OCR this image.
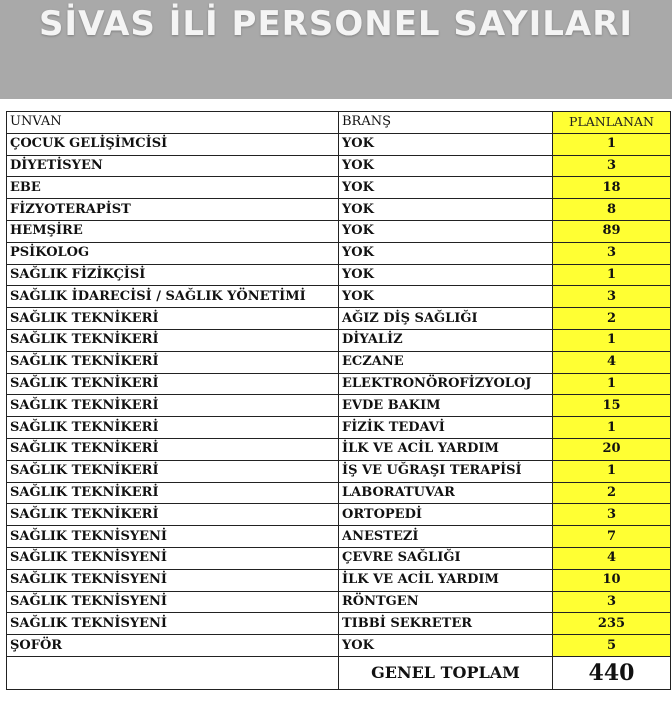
SİVAS İLİ PERSONEL SAYILARI
UNVAN	BRANŞ	PLANLANAN
ÇOCUK GELİŞİMCİSİ	YOK	1
DİYETİSYEN	YOK	3
EBE	YOK	18
FİZYOTERAPİST	YOK	8
HEMŞİRE	YOK	89
PSİKOLOG	YOK	3
SAĞLIK FİZİKÇİSİ	YOK	1
SAĞLIK İDARECİSİ / SAĞLIK YÖNETİMİ	YOK	3
SAĞLIK TEKNİKERİ	AĞIZ DİŞ SAĞLIĞI	2
SAĞLIK TEKNİKERİ	DİYALİZ	1
SAĞLIK TEKNİKERİ	ECZANE	4
SAĞLIK TEKNİKERİ	ELEKTRONÖROFİZYOLOJ	1
SAĞLIK TEKNİKERİ	EVDE BAKIM	15
SAĞLIK TEKNİKERİ	FİZİK TEDAVİ	1
SAĞLIK TEKNİKERİ	İLK VE ACİL YARDIM	20
SAĞLIK TEKNİKERİ	İŞ VE UĞRAŞI TERAPİSİ	1
SAĞLIK TEKNİKERİ	LABORATUVAR	2
SAĞLIK TEKNİKERİ	ORTOPEDİ	3
SAĞLIK TEKNİSYENİ	ANESTEZİ	7
SAĞLIK TEKNİSYENİ	ÇEVRE SAĞLIĞI	4
SAĞLIK TEKNİSYENİ	İLK VE ACİL YARDIM	10
SAĞLIK TEKNİSYENİ	RÖNTGEN	3
SAĞLIK TEKNİSYENİ	TIBBİ SEKRETER	235
ŞOFÖR	YOK	5
	GENEL TOPLAM	440
